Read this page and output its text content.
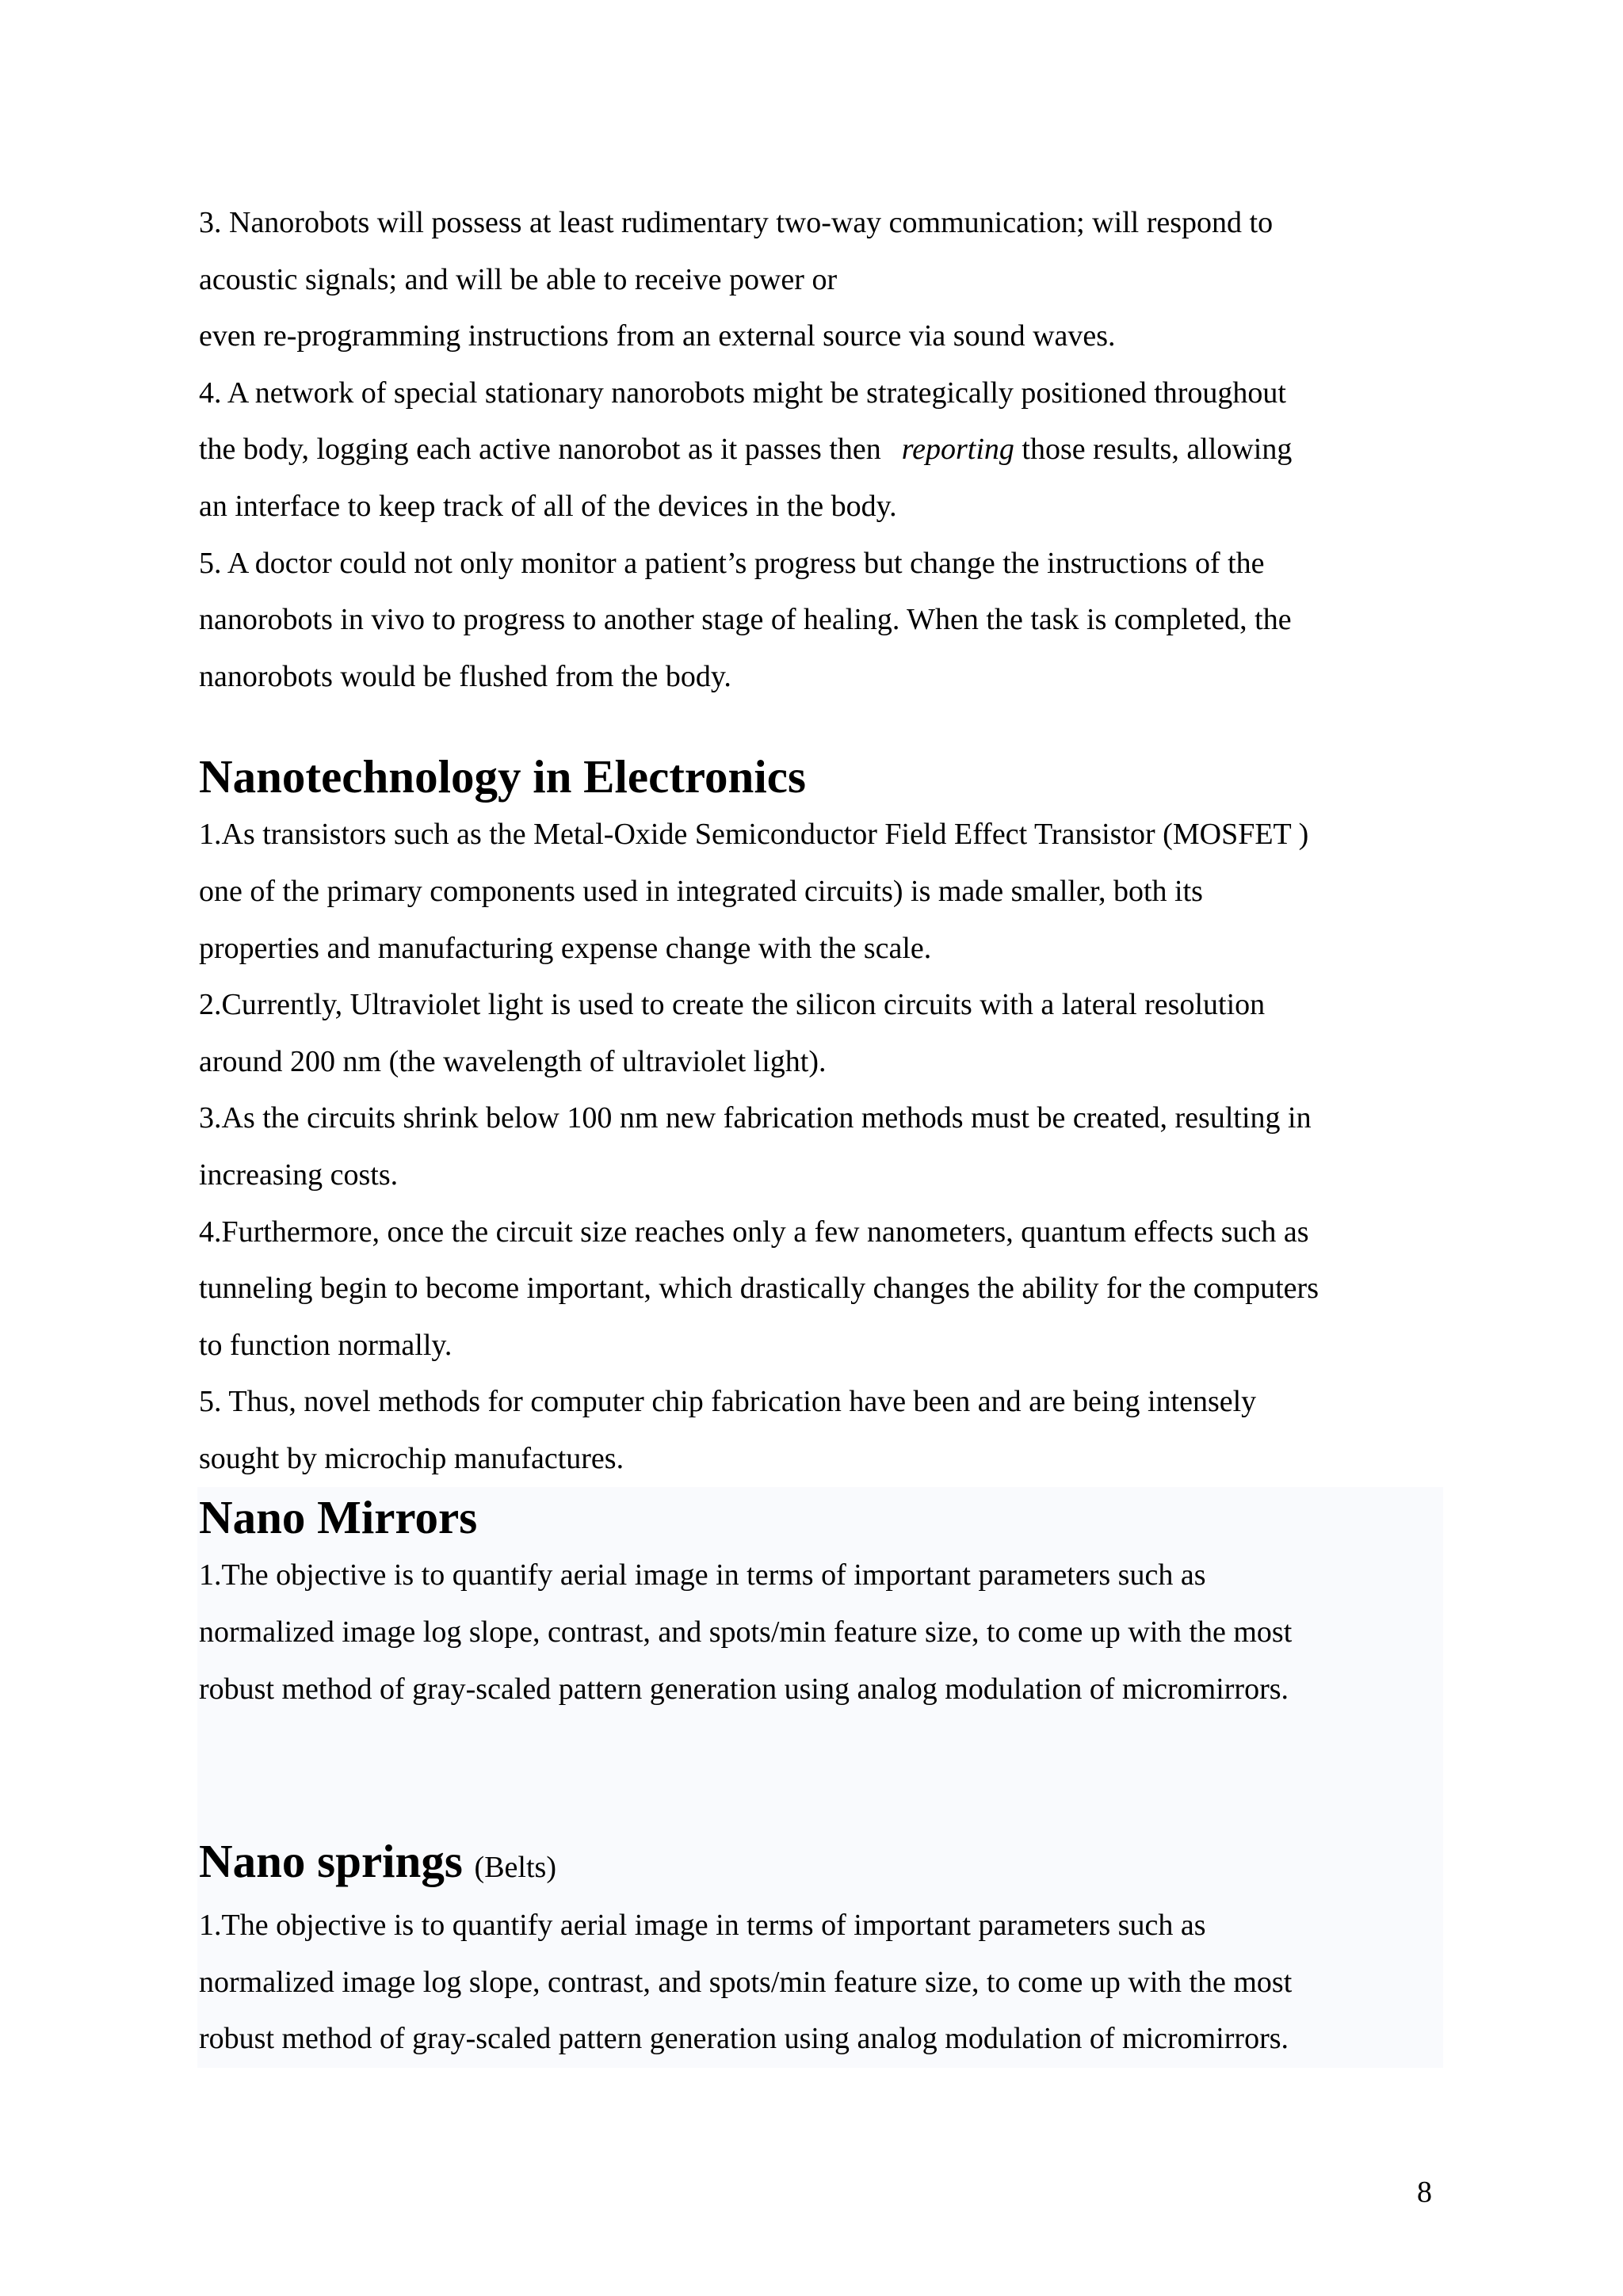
3. Nanorobots will possess at least rudimentary two-way communication; will respond to
acoustic signals; and will be able to receive power or
even re-programming instructions from an external source via sound waves.
4. A network of special stationary nanorobots might be strategically positioned throughout
the body, logging each active nanorobot as it passes then reporting those results, allowing
an interface to keep track of all of the devices in the body.
5. A doctor could not only monitor a patient’s progress but change the instructions of the
nanorobots in vivo to progress to another stage of healing. When the task is completed, the
nanorobots would be flushed from the body.
Nanotechnology in Electronics
1.As transistors such as the Metal-Oxide Semiconductor Field Effect Transistor (MOSFET )
one of the primary components used in integrated circuits) is made smaller, both its
properties and manufacturing expense change with the scale.
2.Currently, Ultraviolet light is used to create the silicon circuits with a lateral resolution
around 200 nm (the wavelength of ultraviolet light).
3.As the circuits shrink below 100 nm new fabrication methods must be created, resulting in
increasing costs.
4.Furthermore, once the circuit size reaches only a few nanometers, quantum effects such as
tunneling begin to become important, which drastically changes the ability for the computers
to function normally.
5. Thus, novel methods for computer chip fabrication have been and are being intensely
sought by microchip manufactures.
Nano Mirrors
1.The objective is to quantify aerial image in terms of important parameters such as
normalized image log slope, contrast, and spots/min feature size, to come up with the most
robust method of gray-scaled pattern generation using analog modulation of micromirrors.
Nano springs (Belts)
1.The objective is to quantify aerial image in terms of important parameters such as
normalized image log slope, contrast, and spots/min feature size, to come up with the most
robust method of gray-scaled pattern generation using analog modulation of micromirrors.
8
